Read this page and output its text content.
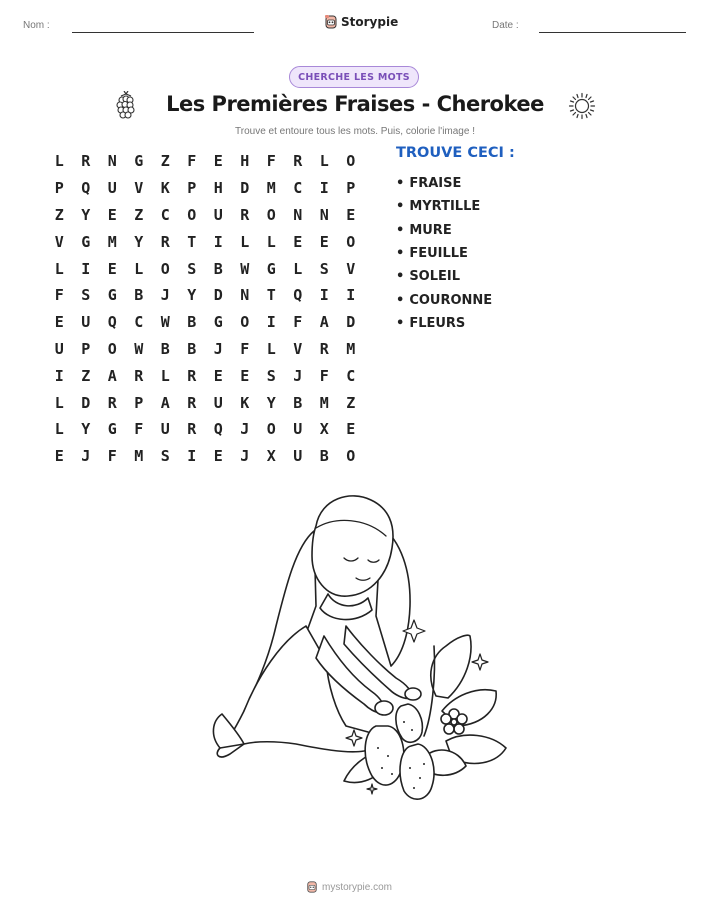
Nom :	Storypie	Date :
CHERCHE LES MOTS
Les Premières Fraises - Cherokee
Trouve et entoure tous les mots. Puis, colorie l'image !
L	R	N	G	Z	F	E	H	F	R	L	O
P	Q	U	V	K	P	H	D	M	C	I	P
Z	Y	E	Z	C	O	U	R	O	N	N	E
V	G	M	Y	R	T	I	L	L	E	E	O
L	I	E	L	O	S	B	W	G	L	S	V
F	S	G	B	J	Y	D	N	T	Q	I	I
E	U	Q	C	W	B	G	O	I	F	A	D
U	P	O	W	B	B	J	F	L	V	R	M
I	Z	A	R	L	R	E	E	S	J	F	C
L	D	R	P	A	R	U	K	Y	B	M	Z
L	Y	G	F	U	R	Q	J	O	U	X	E
E	J	F	M	S	I	E	J	X	U	B	O
TROUVE CECI :
• FRAISE
• MYRTILLE
• MURE
• FEUILLE
• SOLEIL
• COURONNE
• FLEURS
mystorypie.com
